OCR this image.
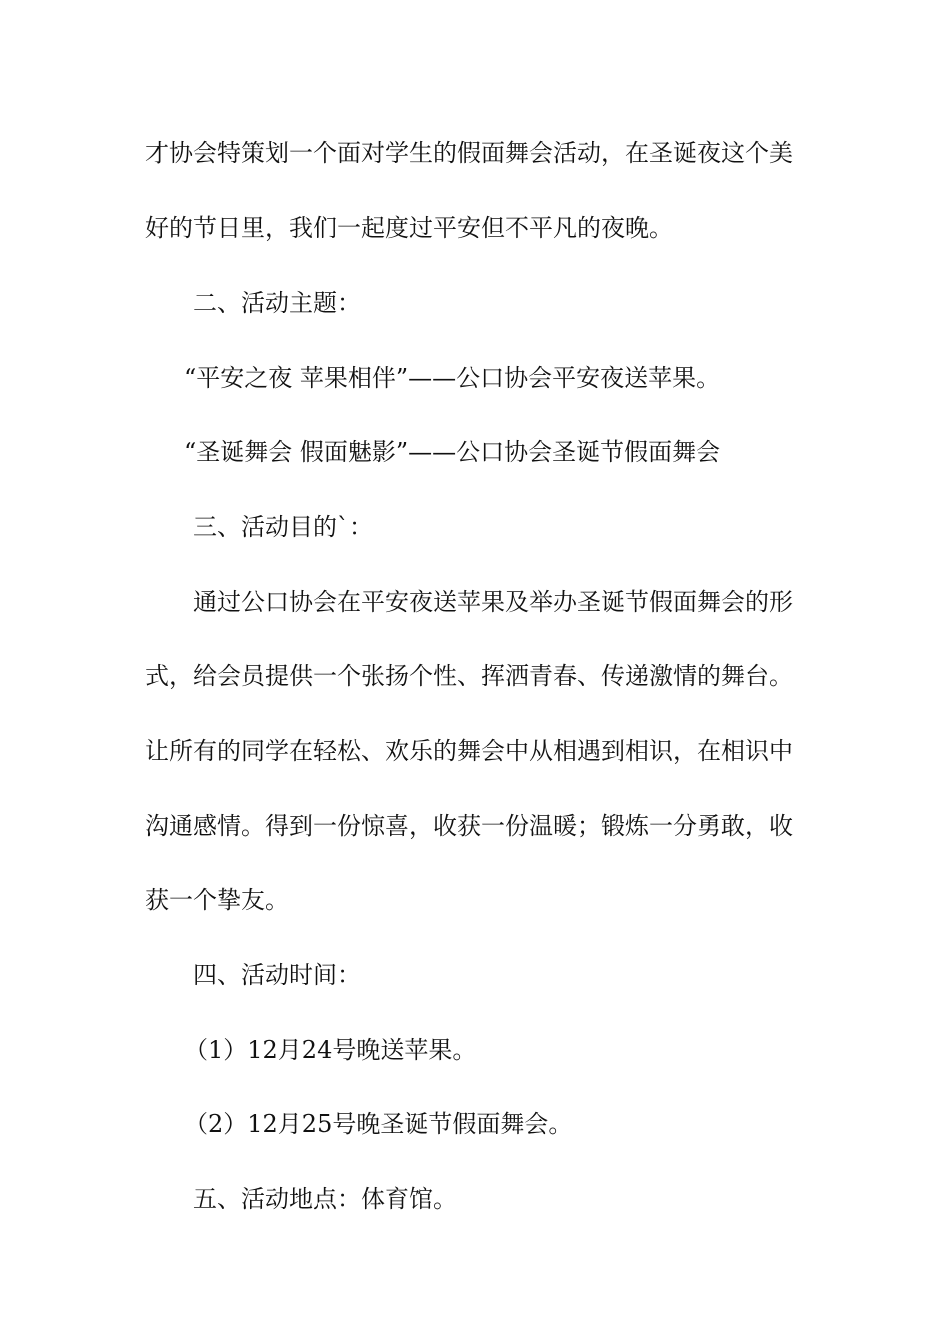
才协会特策划一个面对学生的假面舞会活动，在圣诞夜这个美
好的节日里，我们一起度过平安但不平凡的夜晚。
二、活动主题：
“平安之夜 苹果相伴”——公口协会平安夜送苹果。
“圣诞舞会 假面魅影”——公口协会圣诞节假面舞会
三、活动目的`：
通过公口协会在平安夜送苹果及举办圣诞节假面舞会的形
式，给会员提供一个张扬个性、挥洒青春、传递激情的舞台。
让所有的同学在轻松、欢乐的舞会中从相遇到相识，在相识中
沟通感情。得到一份惊喜，收获一份温暖；锻炼一分勇敢，收
获一个挚友。
四、活动时间：
（1）12月24号晚送苹果。
（2）12月25号晚圣诞节假面舞会。
五、活动地点：体育馆。
